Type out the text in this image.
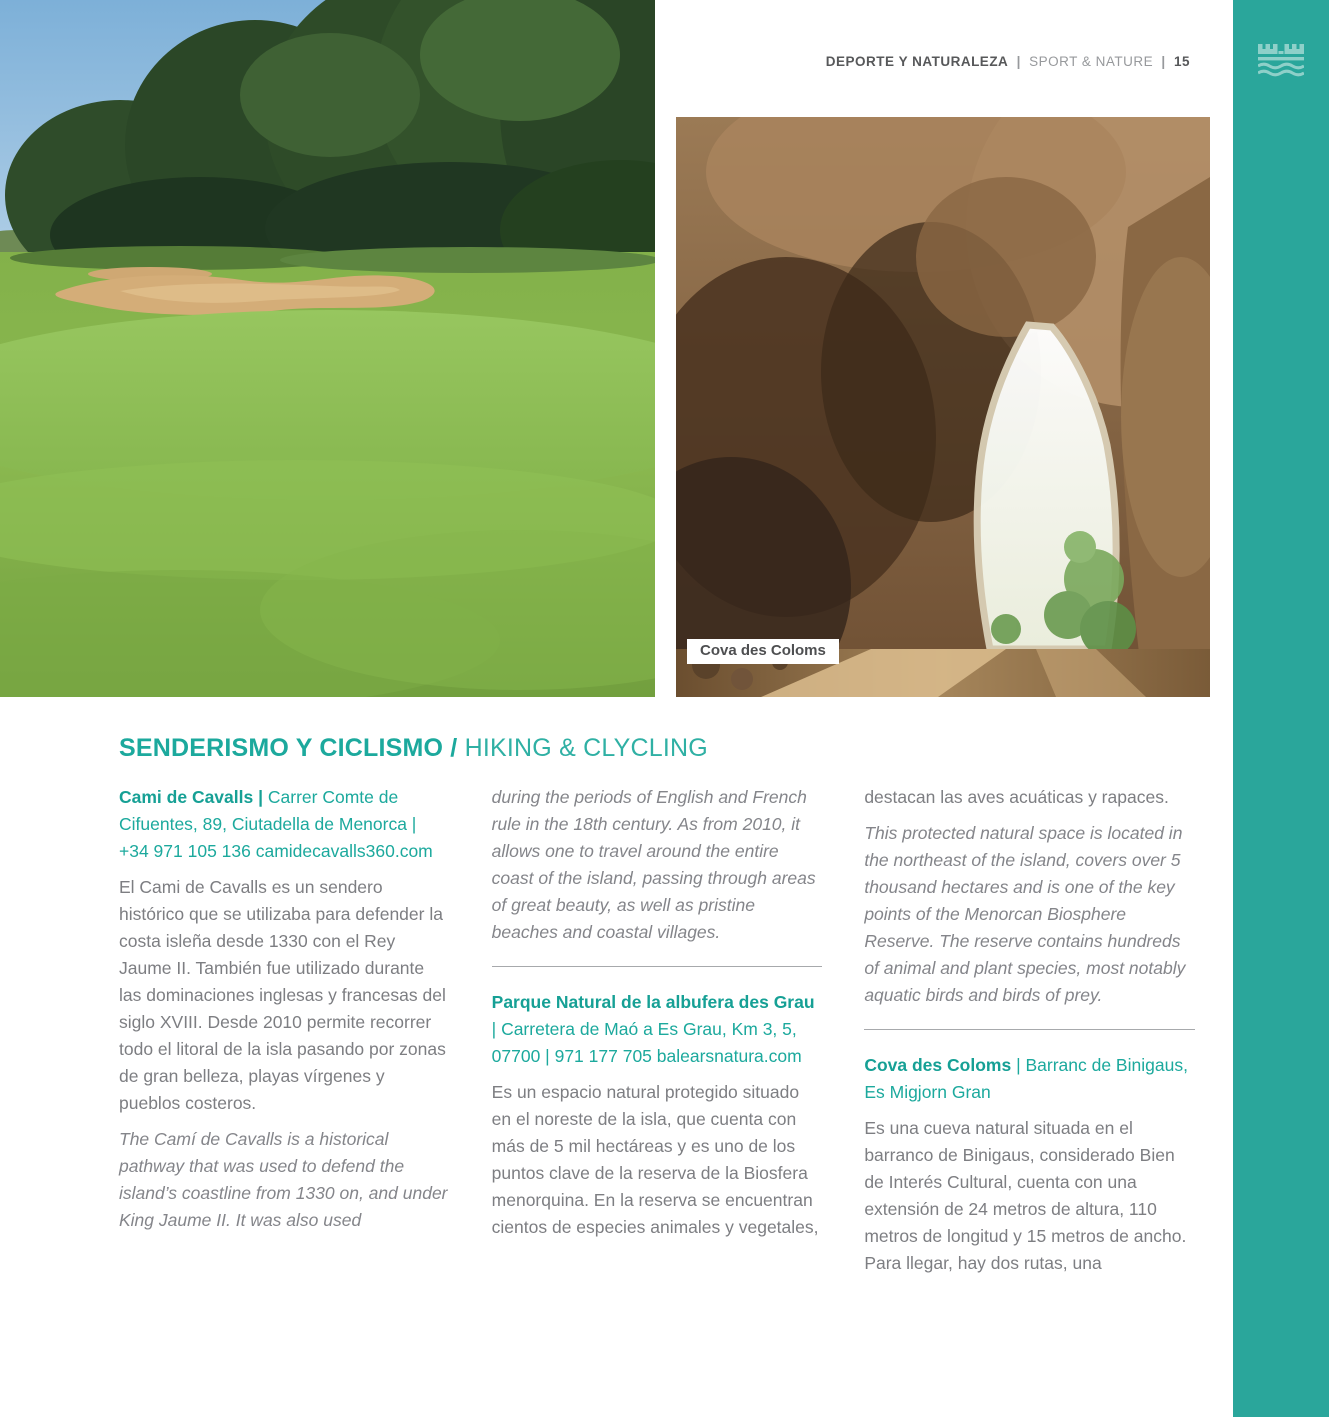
Cova des Coloms
DEPORTE Y NATURALEZA | SPORT & NATURE | 15
SENDERISMO Y CICLISMO / HIKING & CLYCLING

Cami de Cavalls | Carrer Comte de Cifuentes, 89, Ciutadella de Menorca | +34 971 105 136 camidecavalls360.com

El Cami de Cavalls es un sendero histórico que se utilizaba para defender la costa isleña desde 1330 con el Rey Jaume II. También fue utilizado durante las dominaciones inglesas y francesas del siglo XVIII. Desde 2010 permite recorrer todo el litoral de la isla pasando por zonas de gran belleza, playas vírgenes y pueblos costeros.

The Camí de Cavalls is a historical pathway that was used to defend the island’s coastline from 1330 on, and under King Jaume II. It was also used

during the periods of English and French rule in the 18th century. As from 2010, it allows one to travel around the entire coast of the island, passing through areas of great beauty, as well as pristine beaches and coastal villages.

Parque Natural de la albufera des Grau | Carretera de Maó a Es Grau, Km 3, 5, 07700 | 971 177 705 balearsnatura.com

Es un espacio natural protegido situado en el noreste de la isla, que cuenta con más de 5 mil hectáreas y es uno de los puntos clave de la reserva de la Biosfera menorquina. En la reserva se encuentran cientos de especies animales y vegetales,

destacan las aves acuáticas y rapaces.

This protected natural space is located in the northeast of the island, covers over 5 thousand hectares and is one of the key points of the Menorcan Biosphere Reserve. The reserve contains hundreds of animal and plant species, most notably aquatic birds and birds of prey.

Cova des Coloms | Barranc de Binigaus, Es Migjorn Gran

Es una cueva natural situada en el barranco de Binigaus, considerado Bien de Interés Cultural, cuenta con una extensión de 24 metros de altura, 110 metros de longitud y 15 metros de ancho. Para llegar, hay dos rutas, una
